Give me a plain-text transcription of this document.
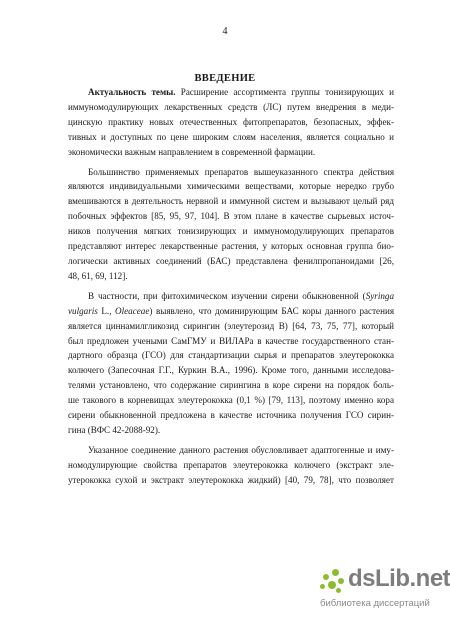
4
ВВЕДЕНИЕ
Актуальность темы. Расширение ассортимента группы тонизирующих и
иммуномодулирующих лекарственных средств (ЛС) путем внедрения в меди-
цинскую практику новых отечественных фитопрепаратов, безопасных, эффек-
тивных и доступных по цене широким слоям населения, является социально и
экономически важным направлением в современной фармации.
Большинство применяемых препаратов вышеуказанного спектра действия
являются индивидуальными химическими веществами, которые нередко грубо
вмешиваются в деятельность нервной и иммунной систем и вызывают целый ряд
побочных эффектов [85, 95, 97, 104]. В этом плане в качестве сырьевых источ-
ников получения мягких тонизирующих и иммуномодулирующих препаратов
представляют интерес лекарственные растения, у которых основная группа био-
логически активных соединений (БАС) представлена фенилпропаноидами [26,
48, 61, 69, 112].
В частности, при фитохимическом изучении сирени обыкновенной (Syringa
vulgaris L., Oleaceae) выявлено, что доминирующим БАС коры данного растения
является циннамилгликозид сирингин (элеутерозид В) [64, 73, 75, 77], который
был предложен учеными СамГМУ и ВИЛАРа в качестве государственного стан-
дартного образца (ГСО) для стандартизации сырья и препаратов элеутерококка
колючего (Запесочная Г.Г., Куркин В.А., 1996). Кроме того, данными исследова-
телями установлено, что содержание сирингина в коре сирени на порядок боль-
ше такового в корневищах элеутерококка (0,1 %) [79, 113], поэтому именно кора
сирени обыкновенной предложена в качестве источника получения ГСО сирин-
гина (ВФС 42-2088-92).
Указанное соединение данного растения обусловливает адаптогенные и иму-
номодулирующие свойства препаратов элеутерококка колючего (экстракт элe-
утерококка сухой и экстракт элеутерококка жидкий) [40, 79, 78], что позволяет
dsLib.net
библиотека диссертаций
